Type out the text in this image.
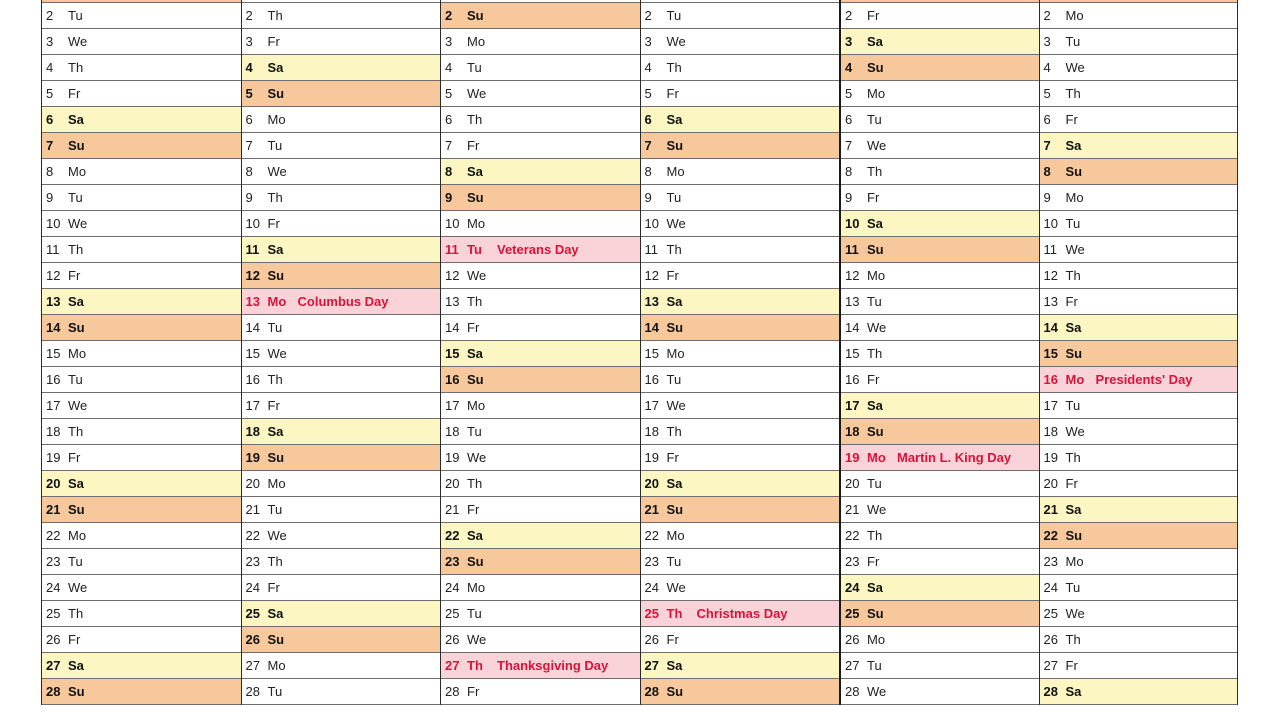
2	Tu
3	We
4	Th
5	Fr
6	Sa
7	Su
8	Mo
9	Tu
10 We
11 Th
12 Fr
13 Sa
14 Su
15 Mo
16 Tu
17 We
18 Th
19 Fr
20 Sa
21 Su
22 Mo
23 Tu
24 We
25 Th
26 Fr
27 Sa
28 Su
2	Th
3	Fr
4	Sa
5	Su
6	Mo
7	Tu
8	We
9	Th
10 Fr
11 Sa
12 Su
13 Mo Columbus Day
14 Tu
15 We
16 Th
17 Fr
18 Sa
19 Su
20 Mo
21 Tu
22 We
23 Th
24 Fr
25 Sa
26 Su
27 Mo
28 Tu
2	Su
3	Mo
4	Tu
5	We
6	Th
7	Fr
8	Sa
9	Su
10 Mo
11 Tu	Veterans Day
12 We
13 Th
14 Fr
15 Sa
16 Su
17 Mo
18 Tu
19 We
20 Th
21 Fr
22 Sa
23 Su
24 Mo
25 Tu
26 We
27 Th	Thanksgiving Day
28 Fr
2	Tu
3	We
4	Th
5	Fr
6	Sa
7	Su
8	Mo
9	Tu
10 We
11 Th
12 Fr
13 Sa
14 Su
15 Mo
16 Tu
17 We
18 Th
19 Fr
20 Sa
21 Su
22 Mo
23 Tu
24 We
25 Th	Christmas Day
26 Fr
27 Sa
28 Su
2	Fr
3	Sa
4	Su
5	Mo
6	Tu
7	We
8	Th
9	Fr
10 Sa
11 Su
12 Mo
13 Tu
14 We
15 Th
16 Fr
17 Sa
18 Su
19 Mo Martin L. King Day
20 Tu
21 We
22 Th
23 Fr
24 Sa
25 Su
26 Mo
27 Tu
28 We
2	Mo
3	Tu
4	We
5	Th
6	Fr
7	Sa
8	Su
9	Mo
10 Tu
11 We
12 Th
13 Fr
14 Sa
15 Su
16 Mo Presidents' Day
17 Tu
18 We
19 Th
20 Fr
21 Sa
22 Su
23 Mo
24 Tu
25 We
26 Th
27 Fr
28 Sa
